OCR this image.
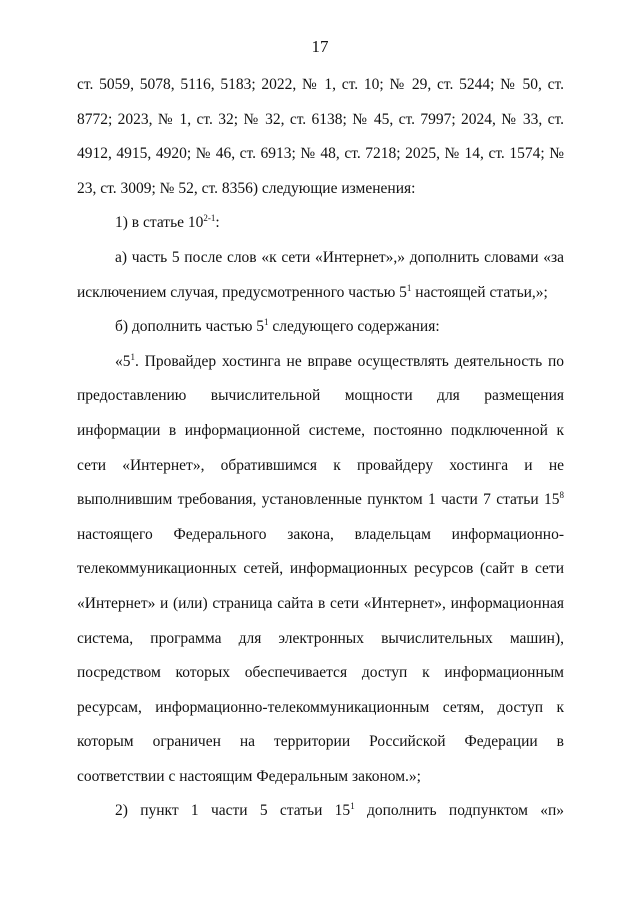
17

ст. 5059, 5078, 5116, 5183; 2022, № 1, ст. 10; № 29, ст. 5244; № 50, ст. 8772; 2023, № 1, ст. 32; № 32, ст. 6138; № 45, ст. 7997; 2024, № 33, ст. 4912, 4915, 4920; № 46, ст. 6913; № 48, ст. 7218; 2025, № 14, ст. 1574; № 23, ст. 3009; № 52, ст. 8356) следующие изменения:

1) в статье 10$^{2-1}$:

а) часть 5 после слов «к сети «Интернет»,» дополнить словами «за исключением случая, предусмотренного частью $5^1$ настоящей статьи,»;

б) дополнить частью $5^1$ следующего содержания:

«$5^1$. Провайдер хостинга не вправе осуществлять деятельность по предоставлению вычислительной мощности для размещения информации в информационной системе, постоянно подключенной к сети «Интернет», обратившимся к провайдеру хостинга и не выполнившим требования, установленные пунктом 1 части 7 статьи $15^8$ настоящего Федерального закона, владельцам информационно-телекоммуникационных сетей, информационных ресурсов (сайт в сети «Интернет» и (или) страница сайта в сети «Интернет», информационная система, программа для электронных вычислительных машин), посредством которых обеспечивается доступ к информационным ресурсам, информационно-телекоммуникационным сетям, доступ к которым ограничен на территории Российской Федерации в соответствии с настоящим Федеральным законом.»;

2) пункт 1 части 5 статьи $15^1$ дополнить подпунктом «п»
